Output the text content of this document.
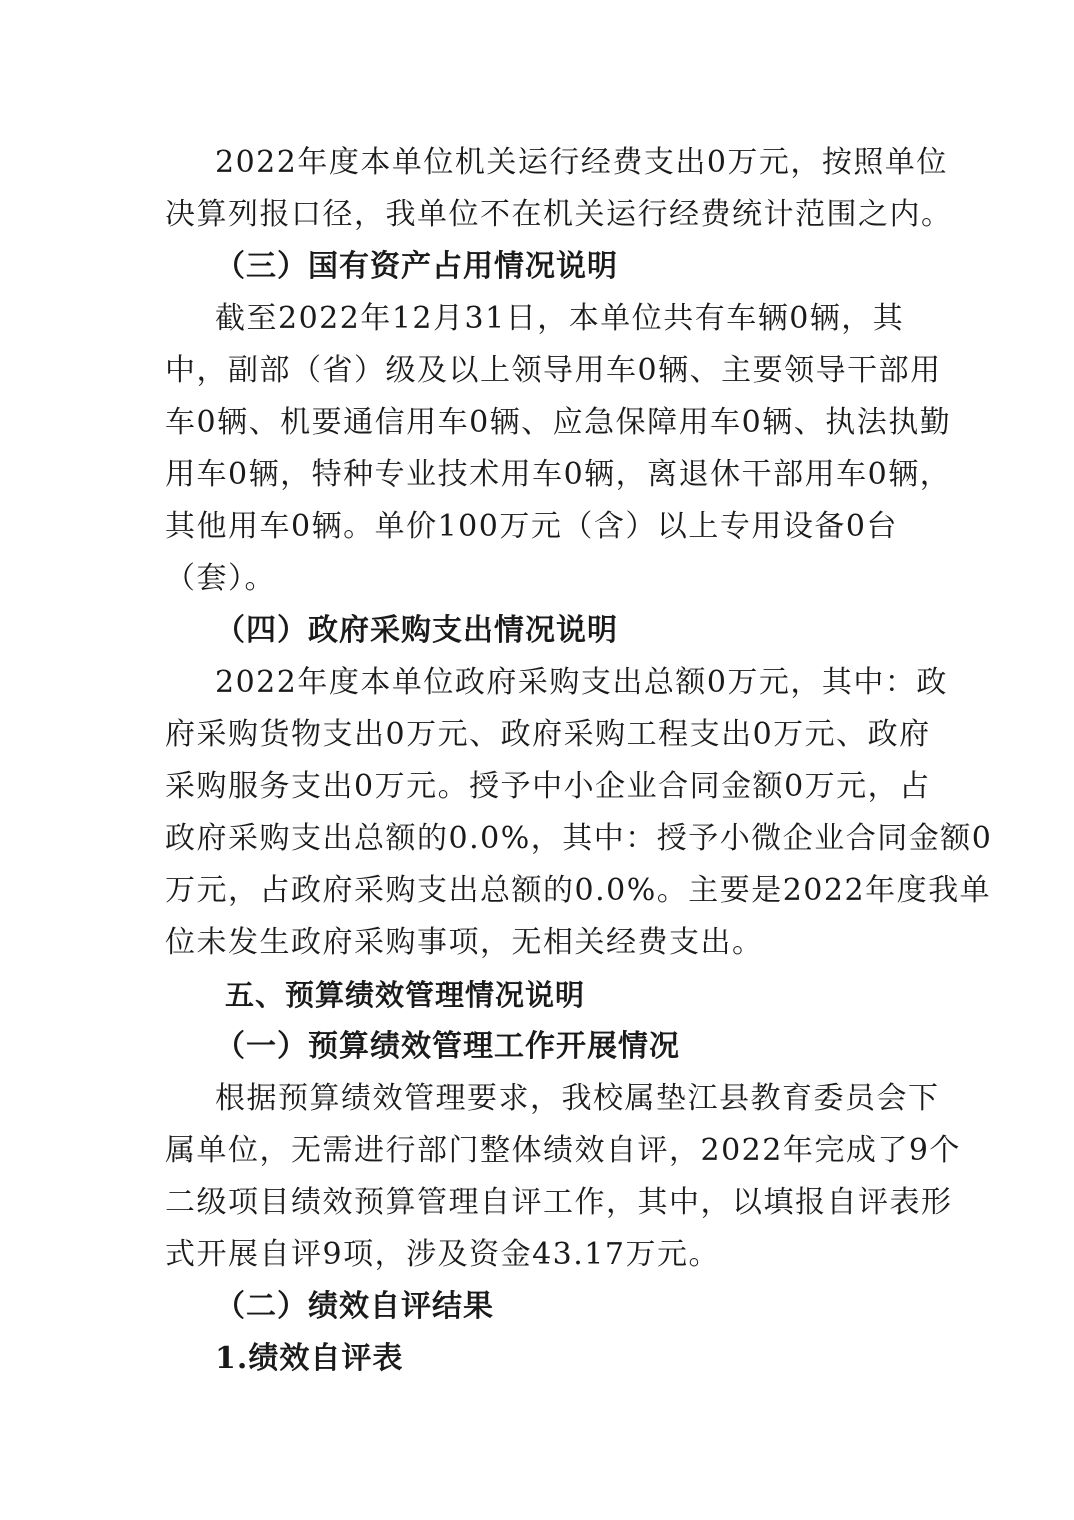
2022年度本单位机关运行经费支出0万元，按照单位
决算列报口径，我单位不在机关运行经费统计范围之内。
（三）国有资产占用情况说明
截至2022年12月31日，本单位共有车辆0辆，其
中，副部（省）级及以上领导用车0辆、主要领导干部用
车0辆、机要通信用车0辆、应急保障用车0辆、执法执勤
用车0辆，特种专业技术用车0辆，离退休干部用车0辆，
其他用车0辆。单价100万元（含）以上专用设备0台
（套）。
（四）政府采购支出情况说明
2022年度本单位政府采购支出总额0万元，其中：政
府采购货物支出0万元、政府采购工程支出0万元、政府
采购服务支出0万元。授予中小企业合同金额0万元，占
政府采购支出总额的0.0%，其中：授予小微企业合同金额0
万元，占政府采购支出总额的0.0%。主要是2022年度我单
位未发生政府采购事项，无相关经费支出。
五、预算绩效管理情况说明
（一）预算绩效管理工作开展情况
根据预算绩效管理要求，我校属垫江县教育委员会下
属单位，无需进行部门整体绩效自评，2022年完成了9个
二级项目绩效预算管理自评工作，其中，以填报自评表形
式开展自评9项，涉及资金43.17万元。
（二）绩效自评结果
1.绩效自评表
